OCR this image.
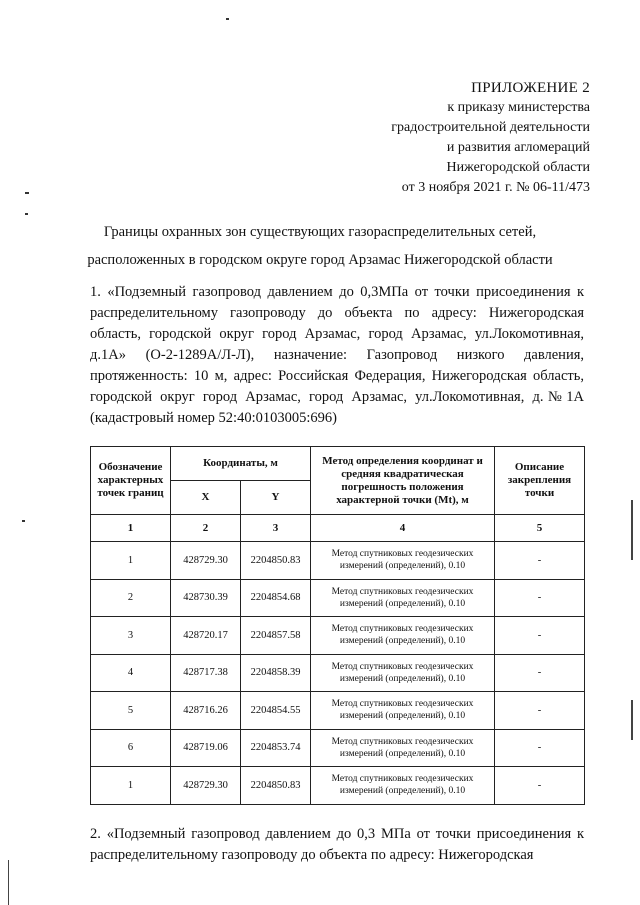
ПРИЛОЖЕНИЕ 2
к приказу министерства
градостроительной деятельности
и развития агломераций
Нижегородской области
от 3 ноября 2021 г. № 06-11/473
Границы охранных зон существующих газораспределительных сетей,
расположенных в городском округе город Арзамас Нижегородской области
1. «Подземный газопровод давлением до 0,3МПа от точки присоединения к распределительному газопроводу до объекта по адресу: Нижегородская область, городской округ город Арзамас, город Арзамас, ул.Локомотивная, д.1А» (О-2-1289А/Л-Л), назначение: Газопровод низкого давления, протяженность: 10 м, адрес: Российская Федерация, Нижегородская область, городской округ город Арзамас, город Арзамас, ул.Локомотивная, д.№1А (кадастровый номер 52:40:0103005:696)
Обозначение характерных точек границ	Координаты, м		Метод определения координат и средняя квадратическая погрешность положения характерной точки (Mt), м	Описание закрепления точки
	X	Y		
1	2	3	4	5
1	428729.30	2204850.83	Метод спутниковых геодезических измерений (определений), 0.10	-
2	428730.39	2204854.68	Метод спутниковых геодезических измерений (определений), 0.10	-
3	428720.17	2204857.58	Метод спутниковых геодезических измерений (определений), 0.10	-
4	428717.38	2204858.39	Метод спутниковых геодезических измерений (определений), 0.10	-
5	428716.26	2204854.55	Метод спутниковых геодезических измерений (определений), 0.10	-
6	428719.06	2204853.74	Метод спутниковых геодезических измерений (определений), 0.10	-
1	428729.30	2204850.83	Метод спутниковых геодезических измерений (определений), 0.10	-
2. «Подземный газопровод давлением до 0,3 МПа от точки присоединения к распределительному газопроводу до объекта по адресу: Нижегородская
